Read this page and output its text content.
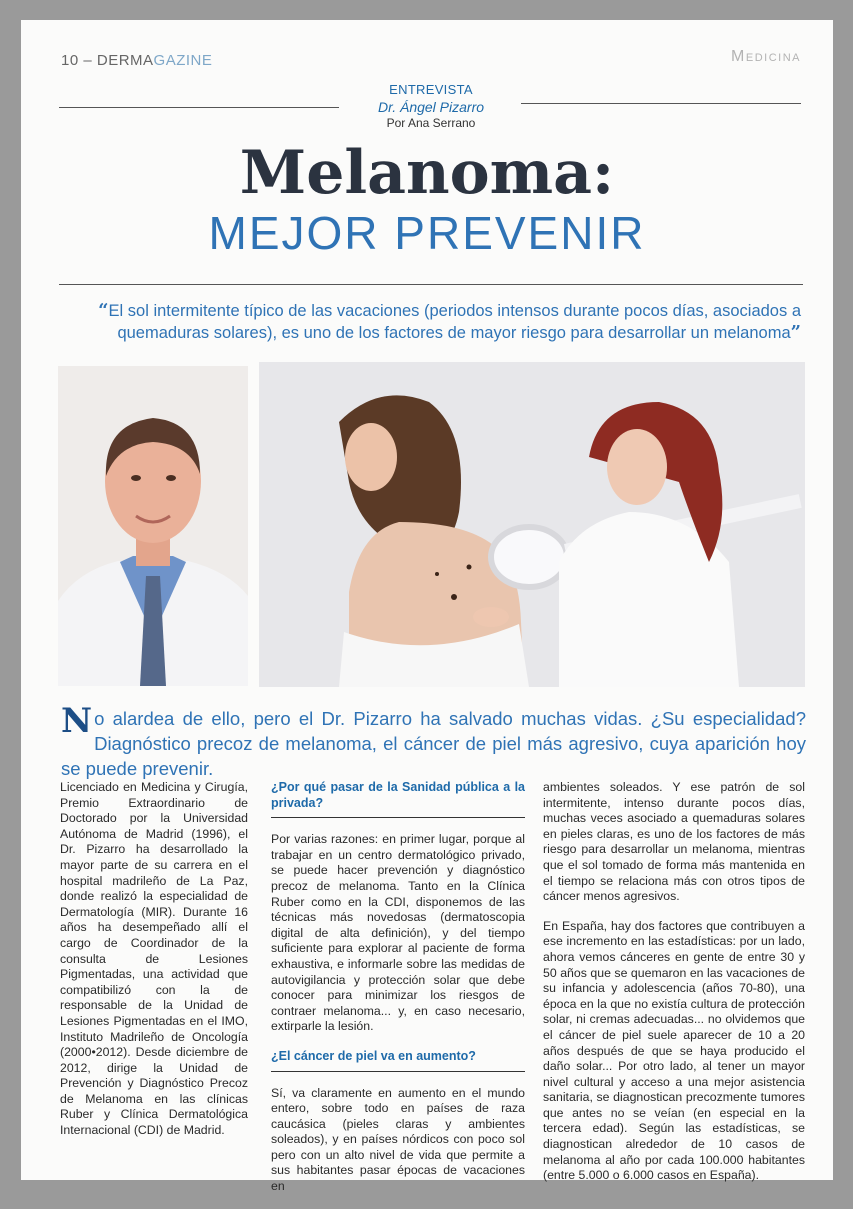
10 – DERMAGAZINE	Medicina
ENTREVISTA
Dr. Ángel Pizarro
Por Ana Serrano
Melanoma:
MEJOR PREVENIR
“El sol intermitente típico de las vacaciones (periodos intensos durante pocos días, asociados a quemaduras solares), es uno de los factores de mayor riesgo para desarrollar un melanoma”
No alardea de ello, pero el Dr. Pizarro ha salvado muchas vidas. ¿Su especialidad? Diagnóstico precoz de melanoma, el cáncer de piel más agresivo, cuya aparición hoy se puede prevenir.

Licenciado en Medicina y Cirugía, Premio Extraordinario de Doctorado por la Universidad Autónoma de Madrid (1996), el Dr. Pizarro ha desarrollado la mayor parte de su carrera en el hospital madrileño de La Paz, donde realizó la especialidad de Dermatología (MIR). Durante 16 años ha desempeñado allí el cargo de Coordinador de la consulta de Lesiones Pigmentadas, una actividad que compatibilizó con la de responsable de la Unidad de Lesiones Pigmentadas en el IMO, Instituto Madrileño de Oncología (2000•2012). Desde diciembre de 2012, dirige la Unidad de Prevención y Diagnóstico Precoz de Melanoma en las clínicas Ruber y Clínica Dermatológica Internacional (CDI) de Madrid.

¿Por qué pasar de la Sanidad pública a la privada?

Por varias razones: en primer lugar, porque al trabajar en un centro dermatológico privado, se puede hacer prevención y diagnóstico precoz de melanoma. Tanto en la Clínica Ruber como en la CDI, disponemos de las técnicas más novedosas (dermatoscopia digital de alta definición), y del tiempo suficiente para explorar al paciente de forma exhaustiva, e informarle sobre las medidas de autovigilancia y protección solar que debe conocer para minimizar los riesgos de contraer melanoma... y, en caso necesario, extirparle la lesión.

¿El cáncer de piel va en aumento?

Sí, va claramente en aumento en el mundo entero, sobre todo en países de raza caucásica (pieles claras y ambientes soleados), y en países nórdicos con poco sol pero con un alto nivel de vida que permite a sus habitantes pasar épocas de vacaciones en

ambientes soleados. Y ese patrón de sol intermitente, intenso durante pocos días, muchas veces asociado a quemaduras solares en pieles claras, es uno de los factores de más riesgo para desarrollar un melanoma, mientras que el sol tomado de forma más mantenida en el tiempo se relaciona más con otros tipos de cáncer menos agresivos.

En España, hay dos factores que contribuyen a ese incremento en las estadísticas: por un lado, ahora vemos cánceres en gente de entre 30 y 50 años que se quemaron en las vacaciones de su infancia y adolescencia (años 70-80), una época en la que no existía cultura de protección solar, ni cremas adecuadas... no olvidemos que el cáncer de piel suele aparecer de 10 a 20 años después de que se haya producido el daño solar... Por otro lado, al tener un mayor nivel cultural y acceso a una mejor asistencia sanitaria, se diagnostican precozmente tumores que antes no se veían (en especial en la tercera edad). Según las estadísticas, se diagnostican alrededor de 10 casos de melanoma al año por cada 100.000 habitantes (entre 5.000 o 6.000 casos en España).
